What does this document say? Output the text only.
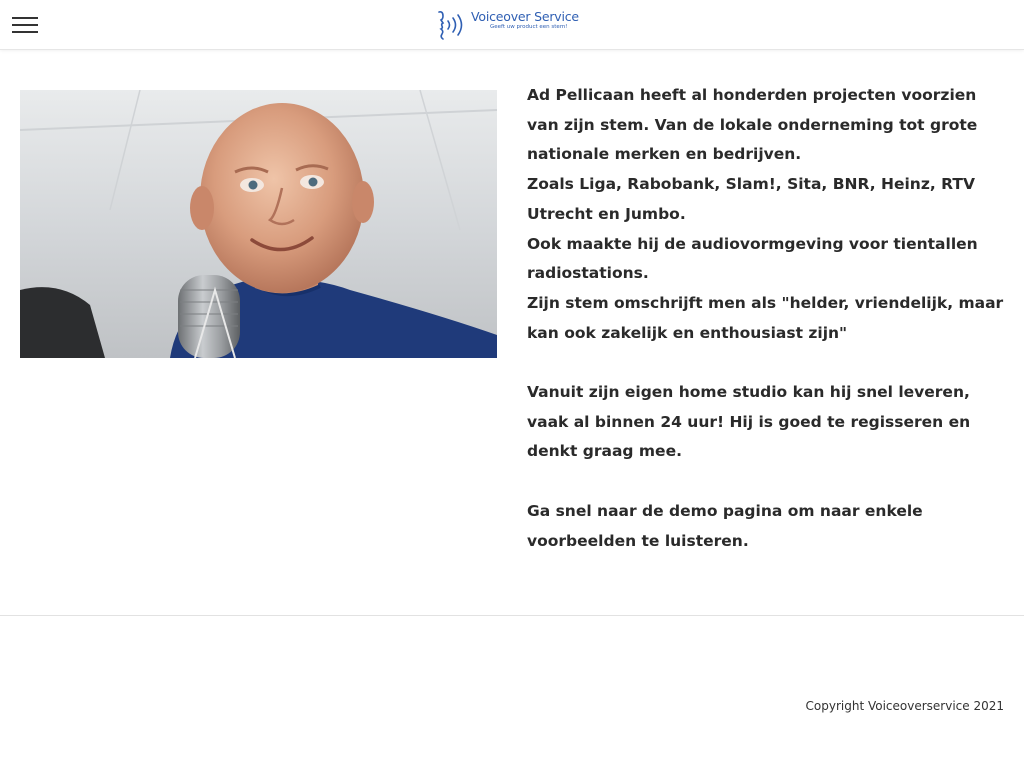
Voiceover Service
Geeft uw product een stem!

Ad Pellicaan heeft al honderden projecten voorzien van zijn stem. Van de lokale onderneming tot grote nationale merken en bedrijven.

Zoals Liga, Rabobank, Slam!, Sita, BNR, Heinz, RTV Utrecht en Jumbo.

Ook maakte hij de audiovormgeving voor tientallen radiostations.

Zijn stem omschrijft men als "helder, vriendelijk, maar kan ook zakelijk en enthousiast zijn"

Vanuit zijn eigen home studio kan hij snel leveren, vaak al binnen 24 uur! Hij is goed te regisseren en denkt graag mee.

Ga snel naar de demo pagina om naar enkele voorbeelden te luisteren.

Copyright Voiceoverservice 2021
